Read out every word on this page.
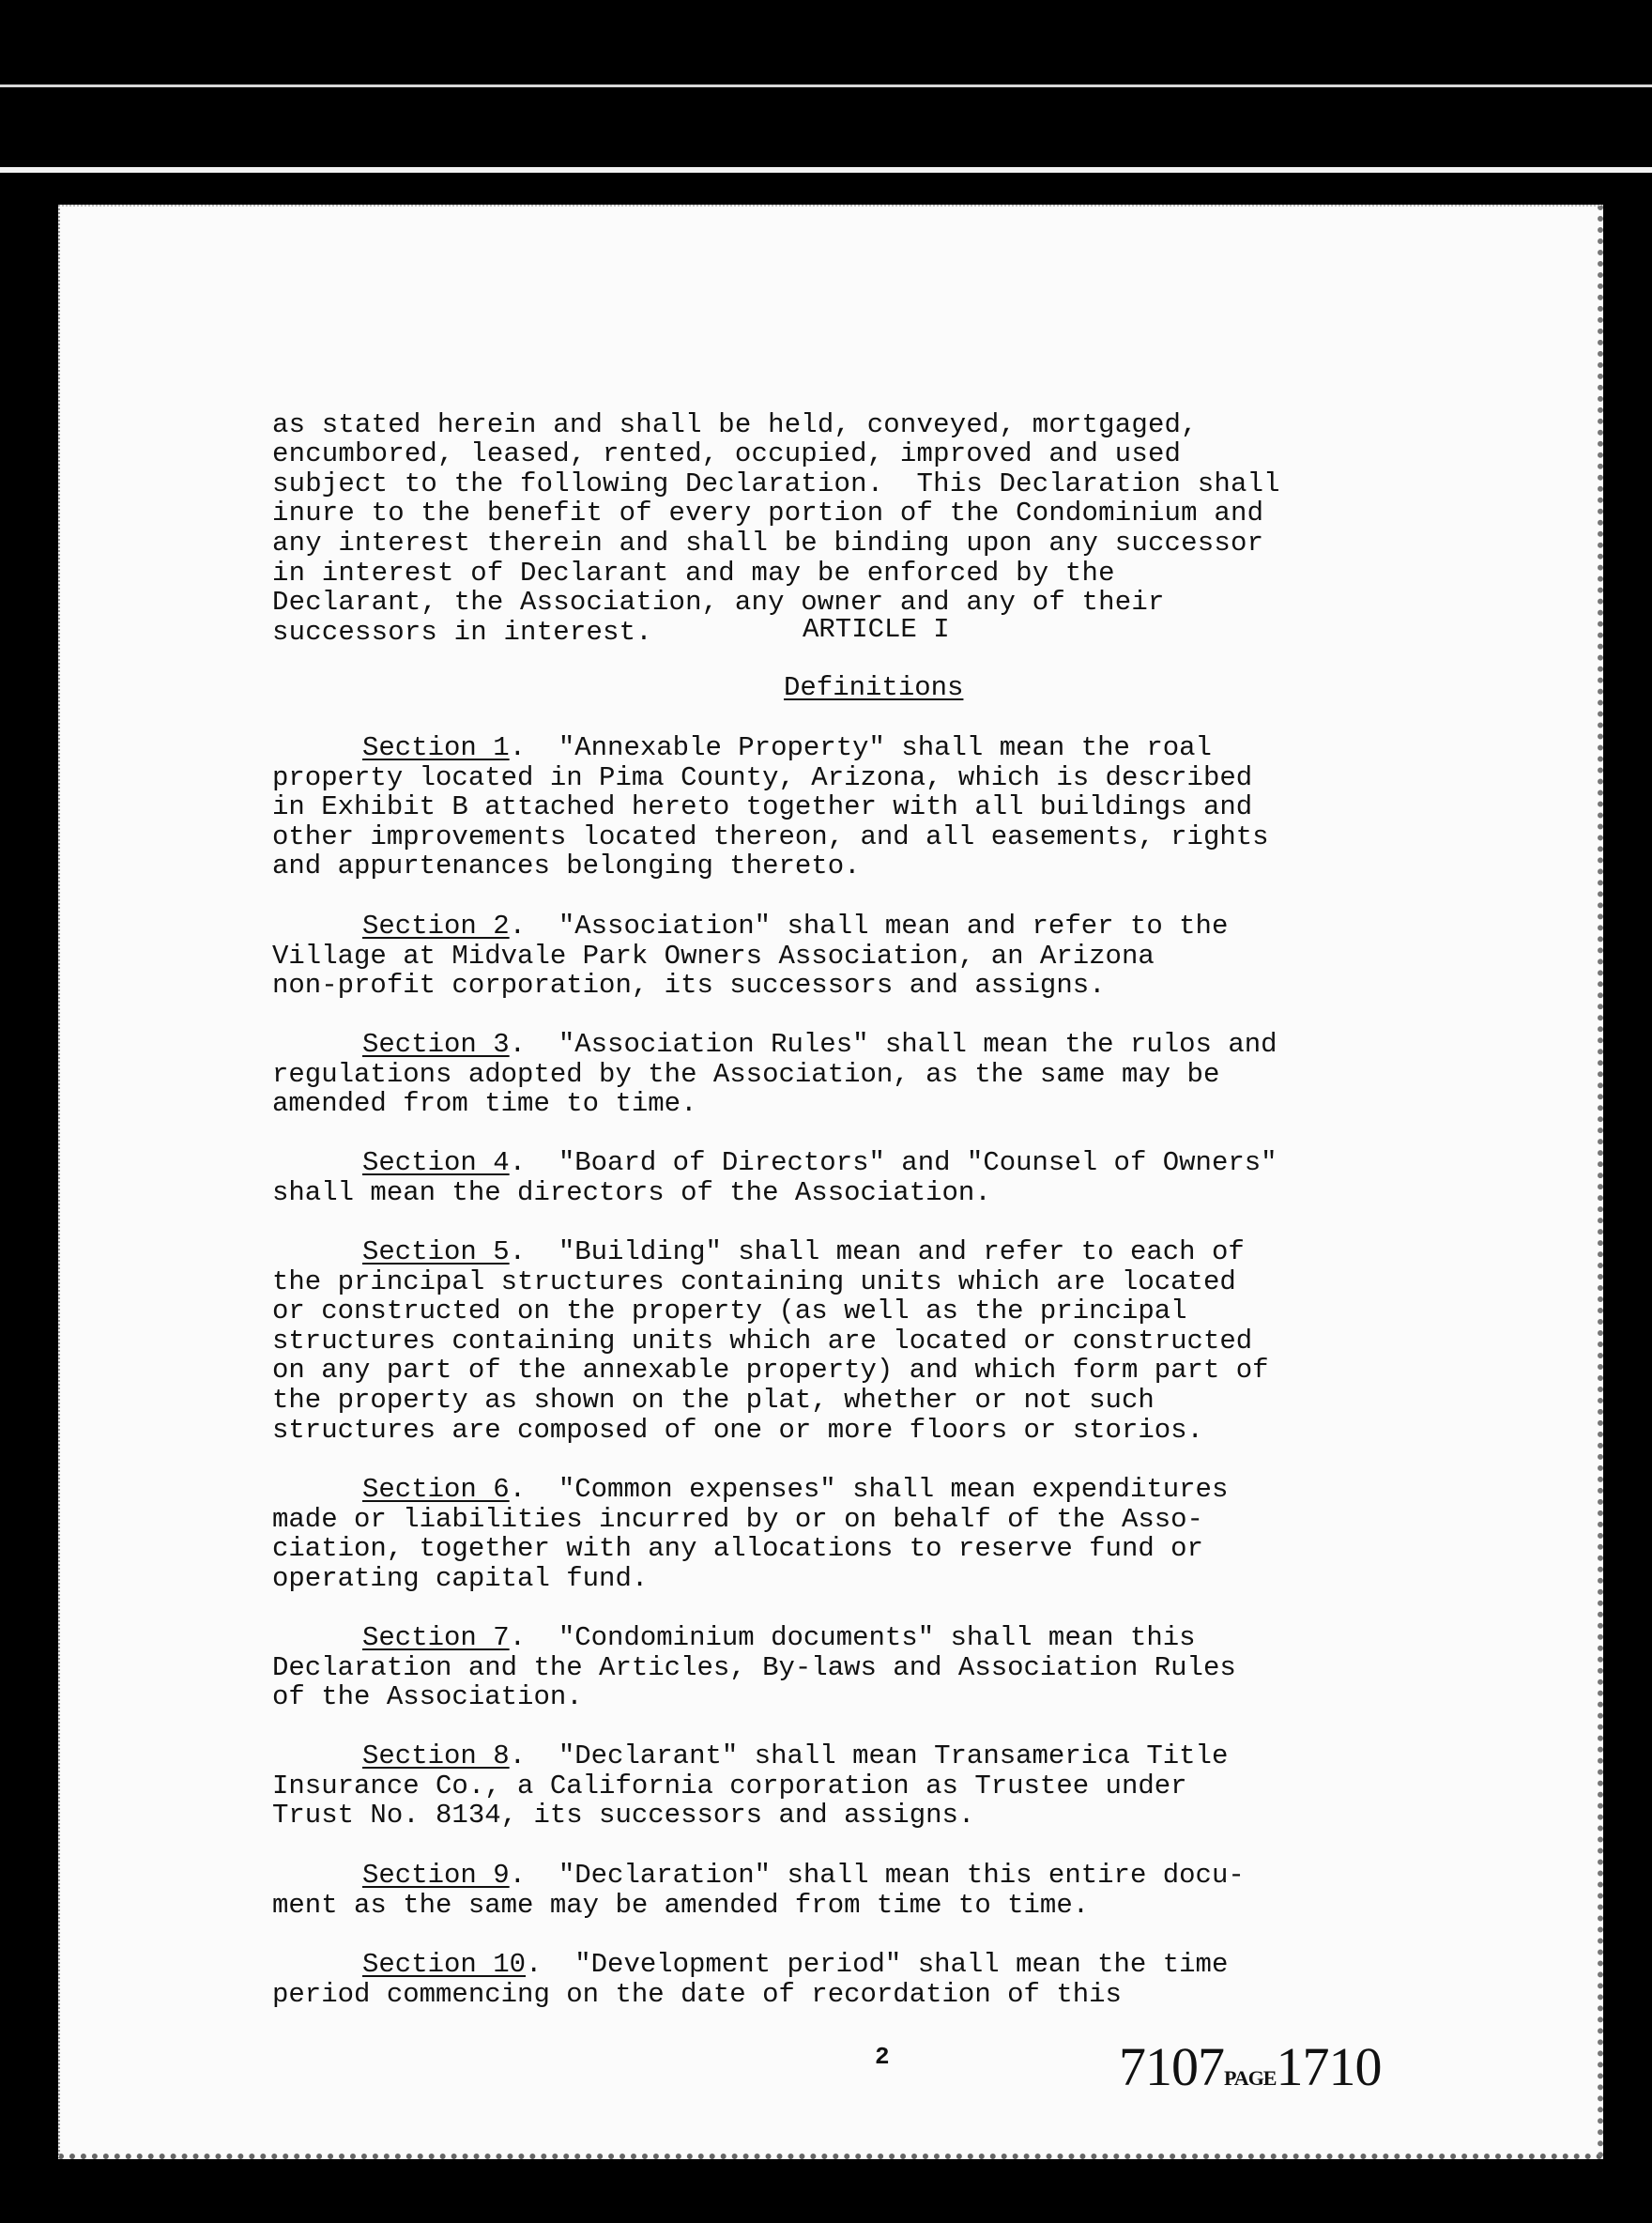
as stated herein and shall be held, conveyed, mortgaged,
encumbored, leased, rented, occupied, improved and used
subject to the following Declaration.  This Declaration shall
inure to the benefit of every portion of the Condominium and
any interest therein and shall be binding upon any successor
in interest of Declarant and may be enforced by the
Declarant, the Association, any owner and any of their
successors in interest.	ARTICLE I
Definitions
Section 1.  "Annexable Property" shall mean the roal
property located in Pima County, Arizona, which is described
in Exhibit B attached hereto together with all buildings and
other improvements located thereon, and all easements, rights
and appurtenances belonging thereto.
Section 2.  "Association" shall mean and refer to the
Village at Midvale Park Owners Association, an Arizona
non-profit corporation, its successors and assigns.
Section 3.  "Association Rules" shall mean the rulos and
regulations adopted by the Association, as the same may be
amended from time to time.
Section 4.  "Board of Directors" and "Counsel of Owners"
shall mean the directors of the Association.
Section 5.  "Building" shall mean and refer to each of
the principal structures containing units which are located
or constructed on the property (as well as the principal
structures containing units which are located or constructed
on any part of the annexable property) and which form part of
the property as shown on the plat, whether or not such
structures are composed of one or more floors or storios.
Section 6.  "Common expenses" shall mean expenditures
made or liabilities incurred by or on behalf of the Asso-
ciation, together with any allocations to reserve fund or
operating capital fund.
Section 7.  "Condominium documents" shall mean this
Declaration and the Articles, By-laws and Association Rules
of the Association.
Section 8.  "Declarant" shall mean Transamerica Title
Insurance Co., a California corporation as Trustee under
Trust No. 8134, its successors and assigns.
Section 9.  "Declaration" shall mean this entire docu-
ment as the same may be amended from time to time.
Section 10.  "Development period" shall mean the time
period commencing on the date of recordation of this
2	7107PAGE1710
